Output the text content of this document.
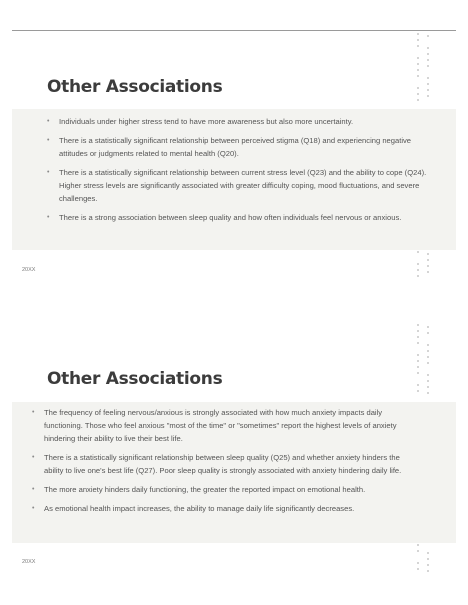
Other Associations
• Individuals under higher stress tend to have more awareness but also more uncertainty.
• There is a statistically significant relationship between perceived stigma (Q18) and experiencing negative attitudes or judgments related to mental health (Q20).
• There is a statistically significant relationship between current stress level (Q23) and the ability to cope (Q24). Higher stress levels are significantly associated with greater difficulty coping, mood fluctuations, and severe challenges.
• There is a strong association between sleep quality and how often individuals feel nervous or anxious.
20XX
Other Associations
• The frequency of feeling nervous/anxious is strongly associated with how much anxiety impacts daily functioning. Those who feel anxious "most of the time" or "sometimes" report the highest levels of anxiety hindering their ability to live their best life.
• There is a statistically significant relationship between sleep quality (Q25) and whether anxiety hinders the ability to live one's best life (Q27). Poor sleep quality is strongly associated with anxiety hindering daily life.
• The more anxiety hinders daily functioning, the greater the reported impact on emotional health.
• As emotional health impact increases, the ability to manage daily life significantly decreases.
20XX
